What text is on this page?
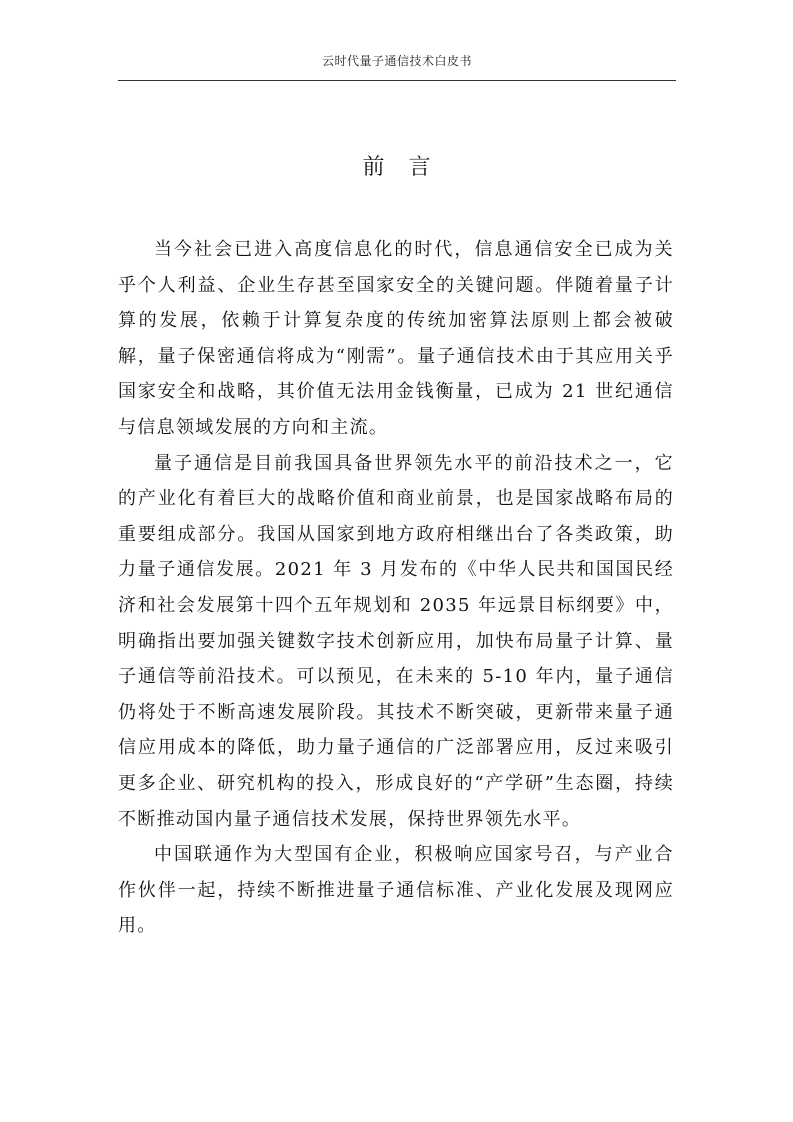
云时代量子通信技术白皮书
前言

当今社会已进入高度信息化的时代，信息通信安全已成为关乎个人利益、企业生存甚至国家安全的关键问题。伴随着量子计算的发展，依赖于计算复杂度的传统加密算法原则上都会被破解，量子保密通信将成为“刚需”。量子通信技术由于其应用关乎国家安全和战略，其价值无法用金钱衡量，已成为 21 世纪通信与信息领域发展的方向和主流。

量子通信是目前我国具备世界领先水平的前沿技术之一，它的产业化有着巨大的战略价值和商业前景，也是国家战略布局的重要组成部分。我国从国家到地方政府相继出台了各类政策，助力量子通信发展。2021 年 3 月发布的《中华人民共和国国民经济和社会发展第十四个五年规划和 2035 年远景目标纲要》中，明确指出要加强关键数字技术创新应用，加快布局量子计算、量子通信等前沿技术。可以预见，在未来的 5-10 年内，量子通信仍将处于不断高速发展阶段。其技术不断突破，更新带来量子通信应用成本的降低，助力量子通信的广泛部署应用，反过来吸引更多企业、研究机构的投入，形成良好的“产学研”生态圈，持续不断推动国内量子通信技术发展，保持世界领先水平。

中国联通作为大型国有企业，积极响应国家号召，与产业合作伙伴一起，持续不断推进量子通信标准、产业化发展及现网应用。
